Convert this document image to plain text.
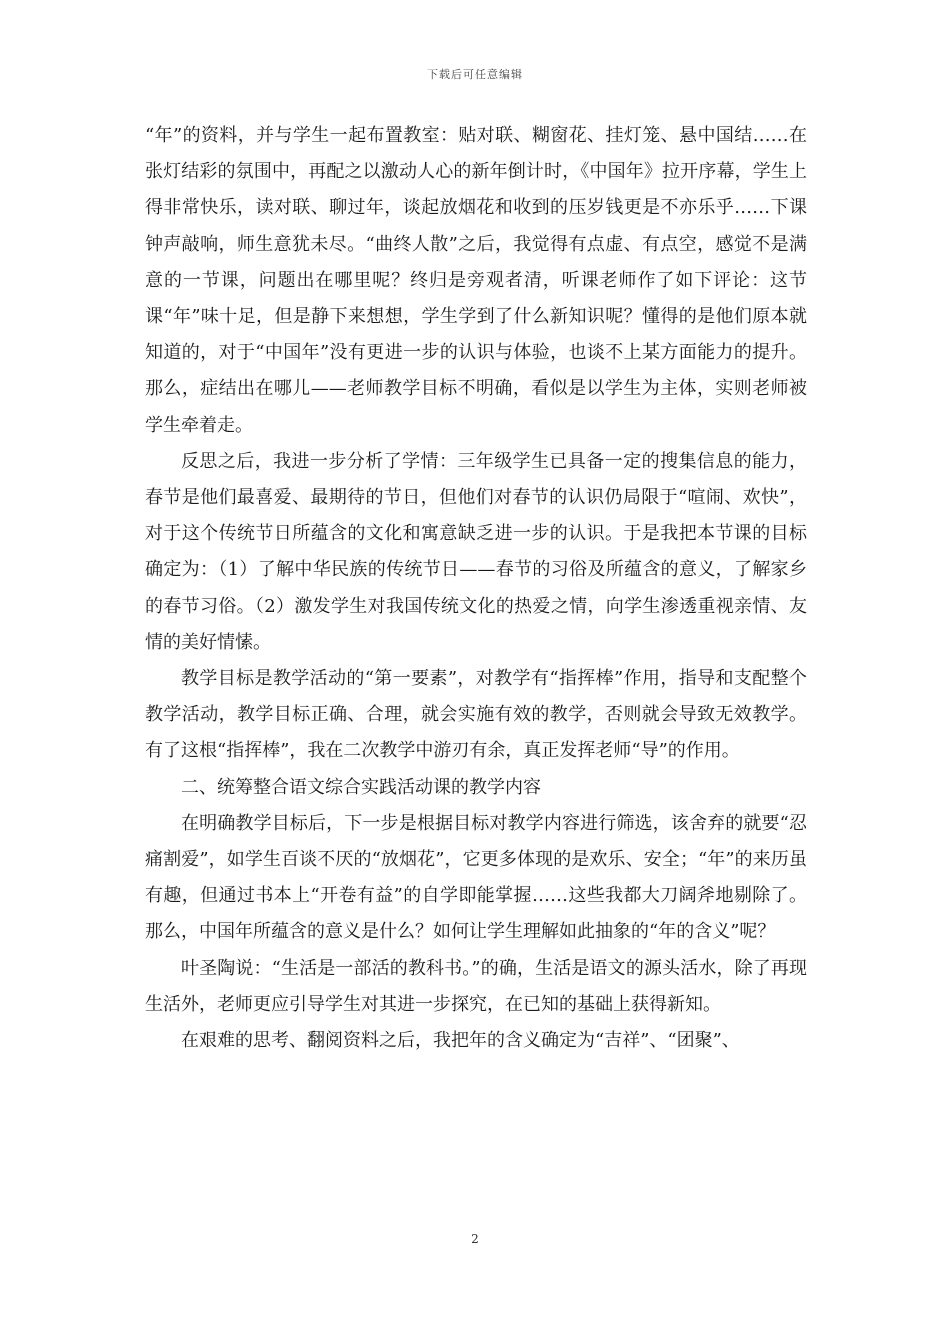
下载后可任意编辑

“年”的资料，并与学生一起布置教室：贴对联、糊窗花、挂灯笼、悬中国结……在张灯结彩的氛围中，再配之以激动人心的新年倒计时，《中国年》拉开序幕，学生上得非常快乐，读对联、聊过年，谈起放烟花和收到的压岁钱更是不亦乐乎……下课钟声敲响，师生意犹未尽。“曲终人散”之后，我觉得有点虚、有点空，感觉不是满意的一节课，问题出在哪里呢？终归是旁观者清，听课老师作了如下评论：这节课“年”味十足，但是静下来想想，学生学到了什么新知识呢？懂得的是他们原本就知道的，对于“中国年”没有更进一步的认识与体验，也谈不上某方面能力的提升。那么，症结出在哪儿——老师教学目标不明确，看似是以学生为主体，实则老师被学生牵着走。

反思之后，我进一步分析了学情：三年级学生已具备一定的搜集信息的能力，春节是他们最喜爱、最期待的节日，但他们对春节的认识仍局限于“喧闹、欢快”，对于这个传统节日所蕴含的文化和寓意缺乏进一步的认识。于是我把本节课的目标确定为：（1）了解中华民族的传统节日——春节的习俗及所蕴含的意义，了解家乡的春节习俗。（2）激发学生对我国传统文化的热爱之情，向学生渗透重视亲情、友情的美好情愫。

教学目标是教学活动的“第一要素”，对教学有“指挥棒”作用，指导和支配整个教学活动，教学目标正确、合理，就会实施有效的教学，否则就会导致无效教学。有了这根“指挥棒”，我在二次教学中游刃有余，真正发挥老师“导”的作用。

二、统筹整合语文综合实践活动课的教学内容

在明确教学目标后，下一步是根据目标对教学内容进行筛选，该舍弃的就要“忍痛割爱”，如学生百谈不厌的“放烟花”，它更多体现的是欢乐、安全；“年”的来历虽有趣，但通过书本上“开卷有益”的自学即能掌握……这些我都大刀阔斧地剔除了。那么，中国年所蕴含的意义是什么？如何让学生理解如此抽象的“年的含义”呢？

叶圣陶说：“生活是一部活的教科书。”的确，生活是语文的源头活水，除了再现生活外，老师更应引导学生对其进一步探究，在已知的基础上获得新知。

在艰难的思考、翻阅资料之后，我把年的含义确定为“吉祥”、“团聚”、

2
